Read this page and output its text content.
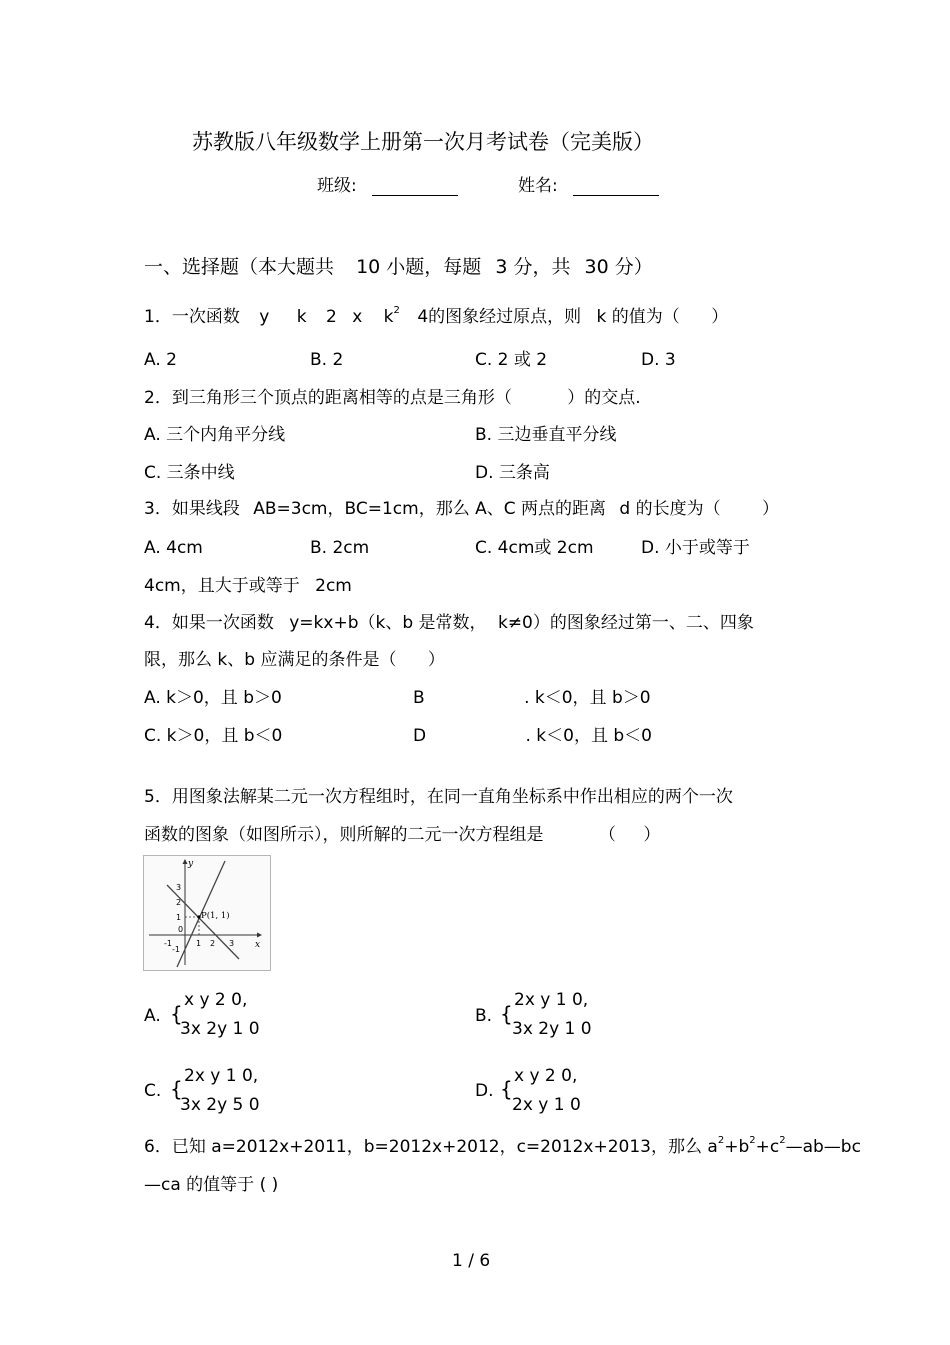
苏教版八年级数学上册第一次月考试卷（完美版）
班级:	姓名:
一、选择题（本大题共 10 小题，每题 3 分，共 30 分）
1．一次函数 y k 2 x $k^2$ 4的图象经过原点，则 k 的值为（ ）
A. 2	B. 2	C. 2 或 2	D. 3
2．到三角形三个顶点的距离相等的点是三角形（	）的交点.
A. 三个内角平分线	B. 三边垂直平分线
C. 三条中线	D. 三条高
3．如果线段 AB=3cm，BC=1cm，那么 A、C 两点的距离 d 的长度为（ ）
A. 4cm	B. 2cm	C. 4cm或 2cm	D. 小于或等于
4cm，且大于或等于 2cm
4．如果一次函数 y=kx+b（k、b 是常数， k≠0）的图象经过第一、二、四象
限，那么 k、b 应满足的条件是（ ）
A. k＞0，且 b＞0	B	. k＜0，且 b＞0
C. k＞0，且 b＜0	D	. k＜0，且 b＜0
5．用图象法解某二元一次方程组时，在同一直角坐标系中作出相应的两个一次
函数的图象（如图所示），则所解的二元一次方程组是	（ ）
y
x
-1
0
1 2 3
3
2
1
-1
P(1, 1)
A. {
x y 2 0,
3x 2y 1 0
B. {
2x y 1 0,
3x 2y 1 0
C. {
2x y 1 0,
3x 2y 5 0
D. {
x y 2 0,
2x y 1 0
6．已知 a=2012x+2011，b=2012x+2012，c=2012x+2013，那么 $a^2+b^2+c^2—ab—bc$
—ca 的值等于 ( )
1 / 6
